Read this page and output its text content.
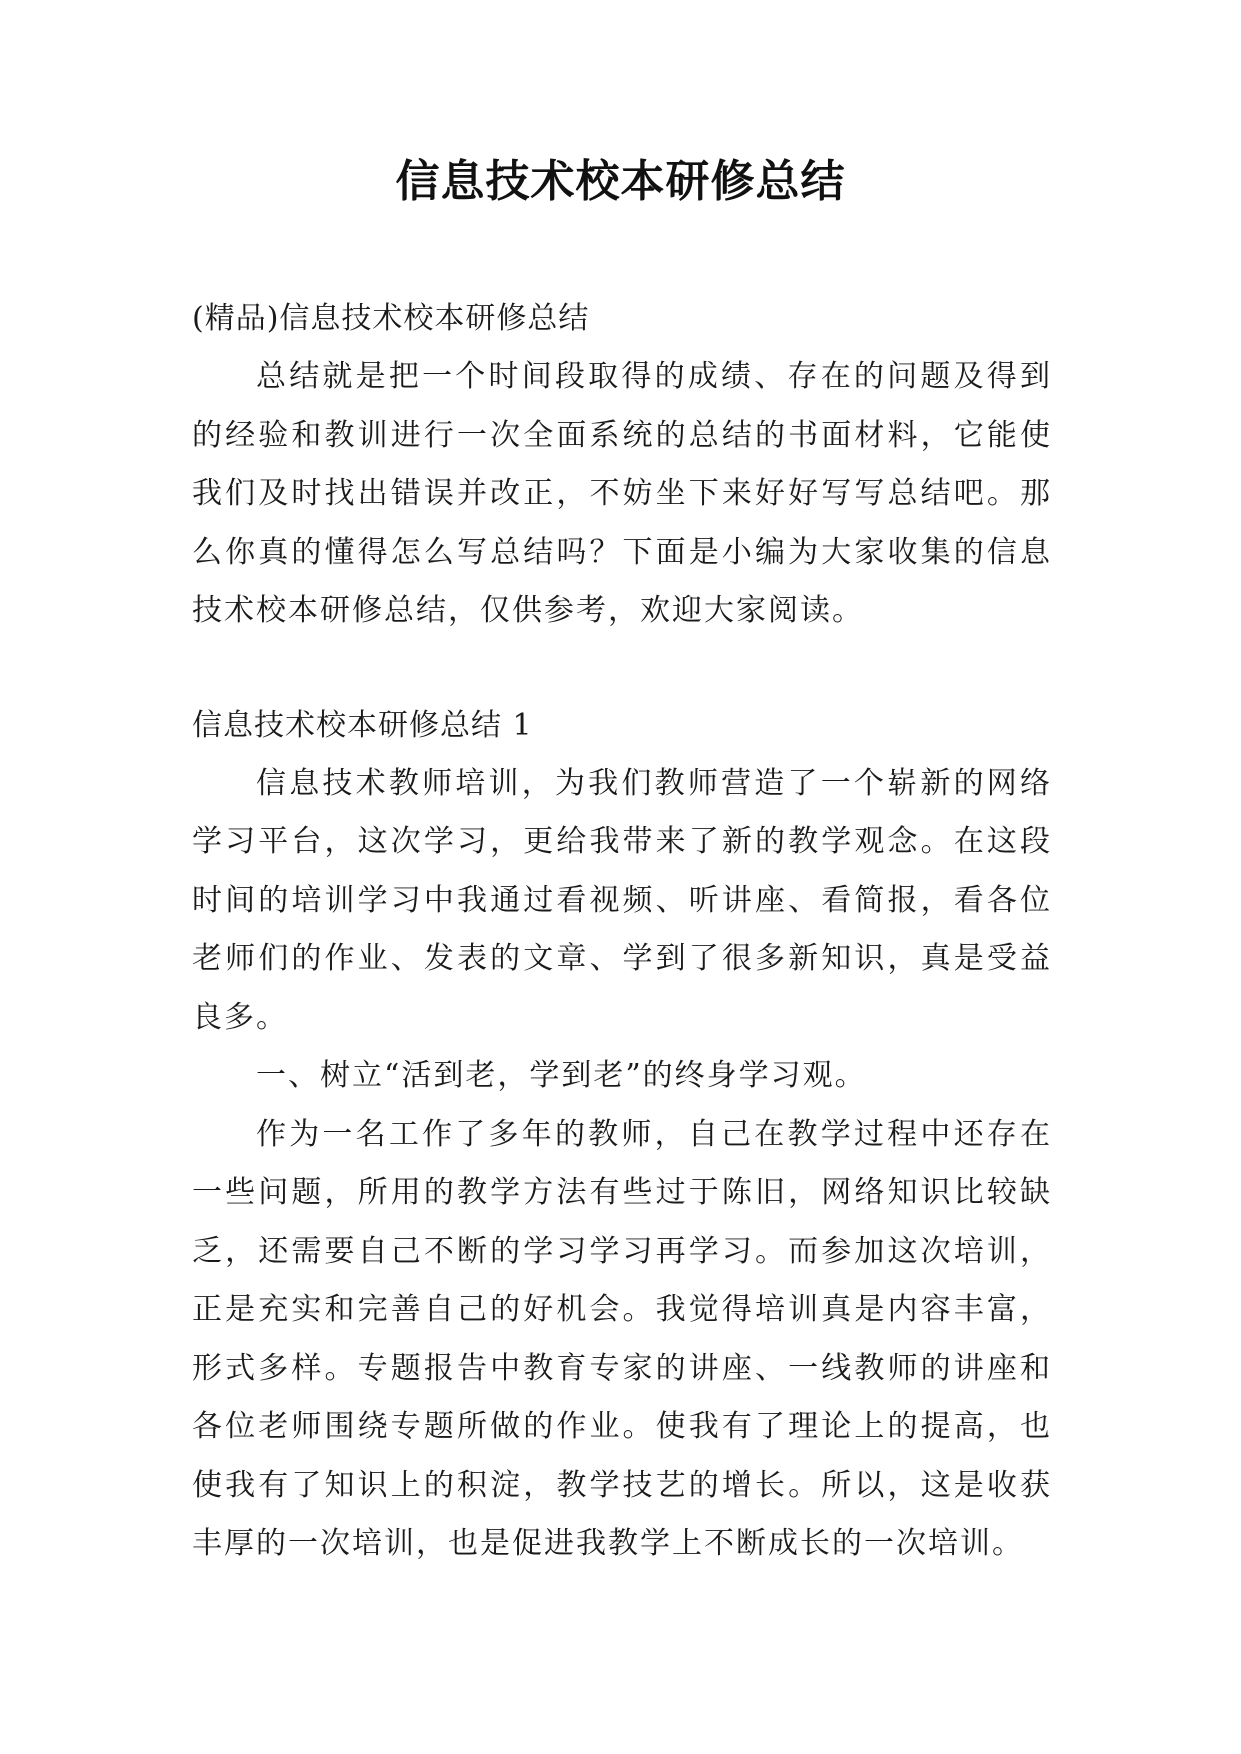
信息技术校本研修总结

(精品)信息技术校本研修总结

总结就是把一个时间段取得的成绩、存在的问题及得到的经验和教训进行一次全面系统的总结的书面材料，它能使我们及时找出错误并改正，不妨坐下来好好写写总结吧。那么你真的懂得怎么写总结吗？下面是小编为大家收集的信息技术校本研修总结，仅供参考，欢迎大家阅读。

信息技术校本研修总结 1

信息技术教师培训，为我们教师营造了一个崭新的网络学习平台，这次学习，更给我带来了新的教学观念。在这段时间的培训学习中我通过看视频、听讲座、看简报，看各位老师们的作业、发表的文章、学到了很多新知识，真是受益良多。

一、树立“活到老，学到老”的终身学习观。

作为一名工作了多年的教师，自己在教学过程中还存在一些问题，所用的教学方法有些过于陈旧，网络知识比较缺乏，还需要自己不断的学习学习再学习。而参加这次培训，正是充实和完善自己的好机会。我觉得培训真是内容丰富，形式多样。专题报告中教育专家的讲座、一线教师的讲座和各位老师围绕专题所做的作业。使我有了理论上的提高，也使我有了知识上的积淀，教学技艺的增长。所以，这是收获丰厚的一次培训，也是促进我教学上不断成长的一次培训。
